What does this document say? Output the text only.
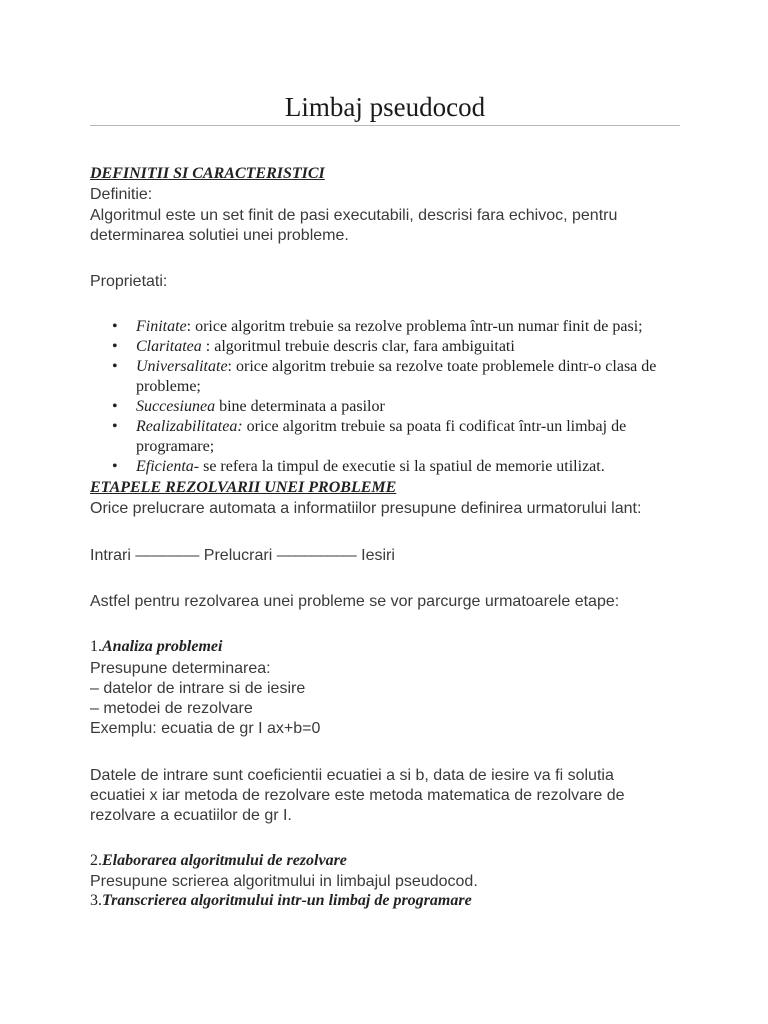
Limbaj pseudocod
DEFINITII SI CARACTERISTICI
Definitie:
Algoritmul este un set finit de pasi executabili, descrisi fara echivoc, pentru
determinarea solutiei unei probleme.
Proprietati:
• Finitate: orice algoritm trebuie sa rezolve problema într-un numar finit de pasi;
• Claritatea : algoritmul trebuie descris clar, fara ambiguitati
• Universalitate: orice algoritm trebuie sa rezolve toate problemele dintr-o clasa de probleme;
• Succesiunea bine determinata a pasilor
• Realizabilitatea: orice algoritm trebuie sa poata fi codificat într-un limbaj de programare;
• Eficienta- se refera la timpul de executie si la spatiul de memorie utilizat.
ETAPELE REZOLVARII UNEI PROBLEME
Orice prelucrare automata a informatiilor presupune definirea urmatorului lant:
Intrari ———— Prelucrari ————— Iesiri
Astfel pentru rezolvarea unei probleme se vor parcurge urmatoarele etape:
1.Analiza problemei
Presupune determinarea:
– datelor de intrare si de iesire
– metodei de rezolvare
Exemplu: ecuatia de gr I ax+b=0
Datele de intrare sunt coeficientii ecuatiei a si b, data de iesire va fi solutia
ecuatiei x iar metoda de rezolvare este metoda matematica de rezolvare de
rezolvare a ecuatiilor de gr I.
2.Elaborarea algoritmului de rezolvare
Presupune scrierea algoritmului in limbajul pseudocod.
3.Transcrierea algoritmului intr-un limbaj de programare
